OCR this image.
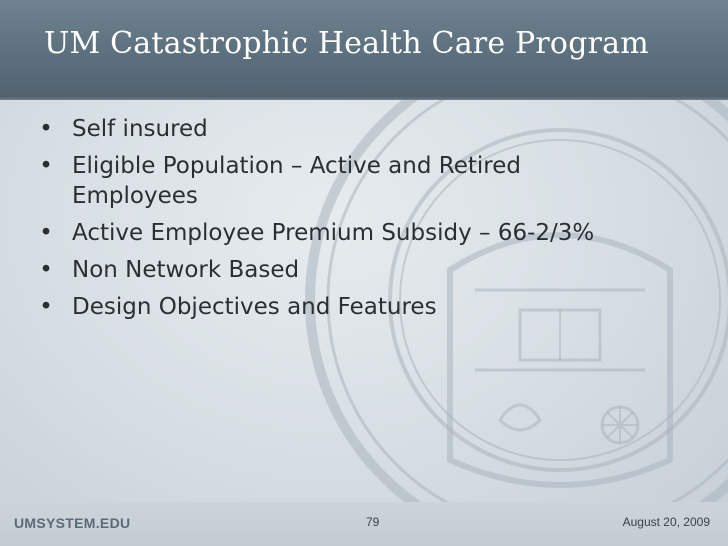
UM Catastrophic Health Care Program
• Self insured
• Eligible Population – Active and Retired Employees
• Active Employee Premium Subsidy – 66-2/3%
• Non Network Based
• Design Objectives and Features
UMSYSTEM.EDU	79	August 20, 2009
